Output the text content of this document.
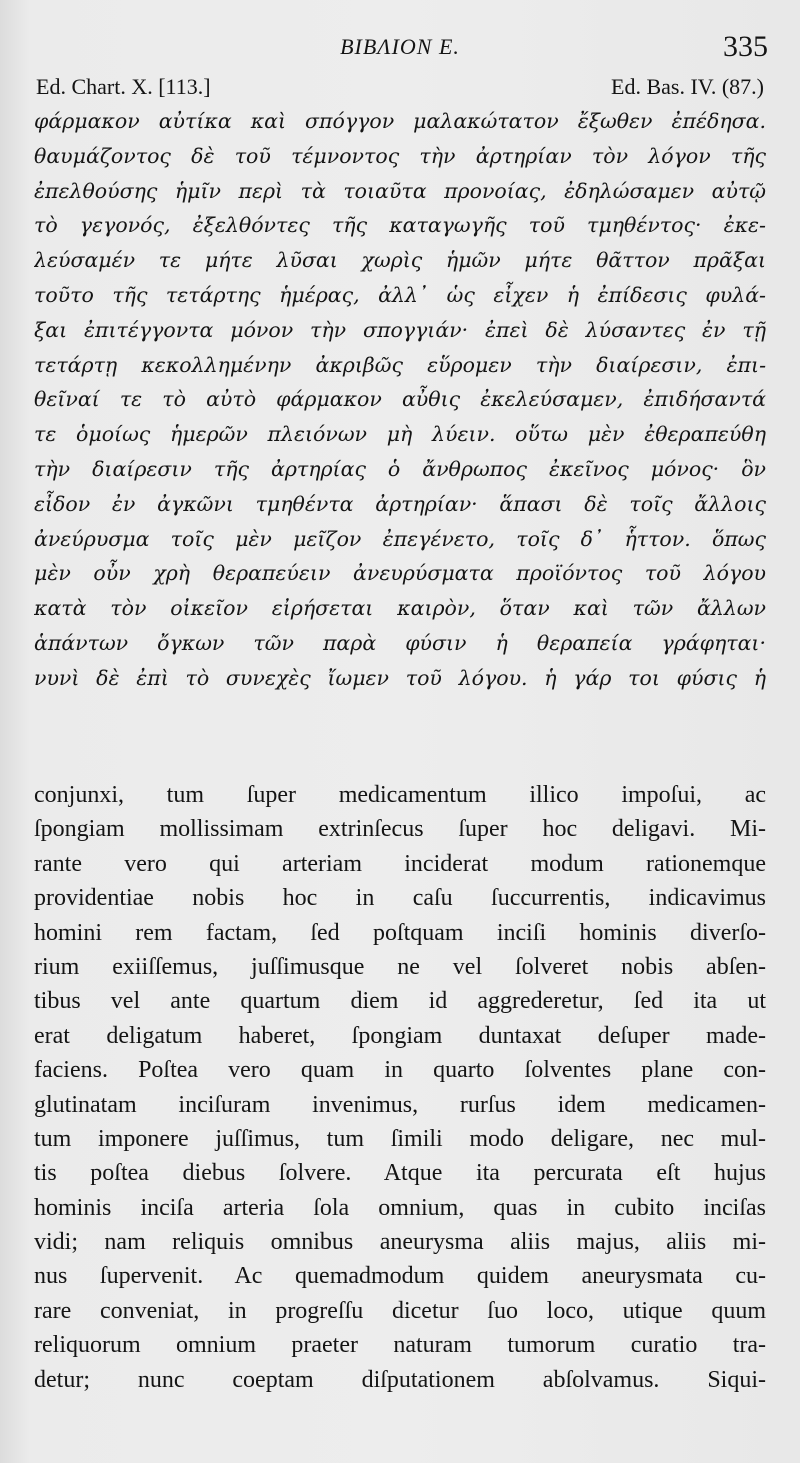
ΒΙΒΛΙΟΝ Ε.	335
Ed. Chart. X. [113.]	Ed. Bas. IV. (87.)
φάρμακον αὐτίκα καὶ σπόγγον μαλακώτατον ἔξωθεν ἐπέδησα.
θαυμάζοντος δὲ τοῦ τέμνοντος τὴν ἀρτηρίαν τὸν λόγον τῆς
ἐπελθούσης ἡμῖν περὶ τὰ τοιαῦτα προνοίας, ἐδηλώσαμεν αὐτῷ
τὸ γεγονός, ἐξελθόντες τῆς καταγωγῆς τοῦ τμηθέντος· ἐκε-
λεύσαμέν τε μήτε λῦσαι χωρὶς ἡμῶν μήτε θᾶττον πρᾶξαι
τοῦτο τῆς τετάρτης ἡμέρας, ἀλλ᾽ ὡς εἶχεν ἡ ἐπίδεσις φυλά-
ξαι ἐπιτέγγοντα μόνον τὴν σπογγιάν· ἐπεὶ δὲ λύσαντες ἐν τῇ
τετάρτῃ κεκολλημένην ἀκριβῶς εὕρομεν τὴν διαίρεσιν, ἐπι-
θεῖναί τε τὸ αὐτὸ φάρμακον αὖθις ἐκελεύσαμεν, ἐπιδήσαντά
τε ὁμοίως ἡμερῶν πλειόνων μὴ λύειν. οὕτω μὲν ἐθεραπεύθη
τὴν διαίρεσιν τῆς ἀρτηρίας ὁ ἄνθρωπος ἐκεῖνος μόνος· ὃν
εἶδον ἐν ἀγκῶνι τμηθέντα ἀρτηρίαν· ἅπασι δὲ τοῖς ἄλλοις
ἀνεύρυσμα τοῖς μὲν μεῖζον ἐπεγένετο, τοῖς δ᾽ ἧττον. ὅπως
μὲν οὖν χρὴ θεραπεύειν ἀνευρύσματα προϊόντος τοῦ λόγου
κατὰ τὸν οἰκεῖον εἰρήσεται καιρὸν, ὅταν καὶ τῶν ἄλλων
ἁπάντων ὄγκων τῶν παρὰ φύσιν ἡ θεραπεία γράφηται·
νυνὶ δὲ ἐπὶ τὸ συνεχὲς ἴωμεν τοῦ λόγου. ἡ γάρ τοι φύσις ἡ
conjunxi, tum ſuper medicamentum illico impoſui, ac
ſpongiam mollissimam extrinſecus ſuper hoc deligavi. Mi-
rante vero qui arteriam inciderat modum rationemque
providentiae nobis hoc in caſu ſuccurrentis, indicavimus
homini rem factam, ſed poſtquam inciſi hominis diverſo-
rium exiiſſemus, juſſimusque ne vel ſolveret nobis abſen-
tibus vel ante quartum diem id aggrederetur, ſed ita ut
erat deligatum haberet, ſpongiam duntaxat deſuper made-
faciens. Poſtea vero quam in quarto ſolventes plane con-
glutinatam inciſuram invenimus, rurſus idem medicamen-
tum imponere juſſimus, tum ſimili modo deligare, nec mul-
tis poſtea diebus ſolvere. Atque ita percurata eſt hujus
hominis inciſa arteria ſola omnium, quas in cubito inciſas
vidi; nam reliquis omnibus aneurysma aliis majus, aliis mi-
nus ſupervenit. Ac quemadmodum quidem aneurysmata cu-
rare conveniat, in progreſſu dicetur ſuo loco, utique quum
reliquorum omnium praeter naturam tumorum curatio tra-
detur; nunc coeptam diſputationem abſolvamus. Siqui-
